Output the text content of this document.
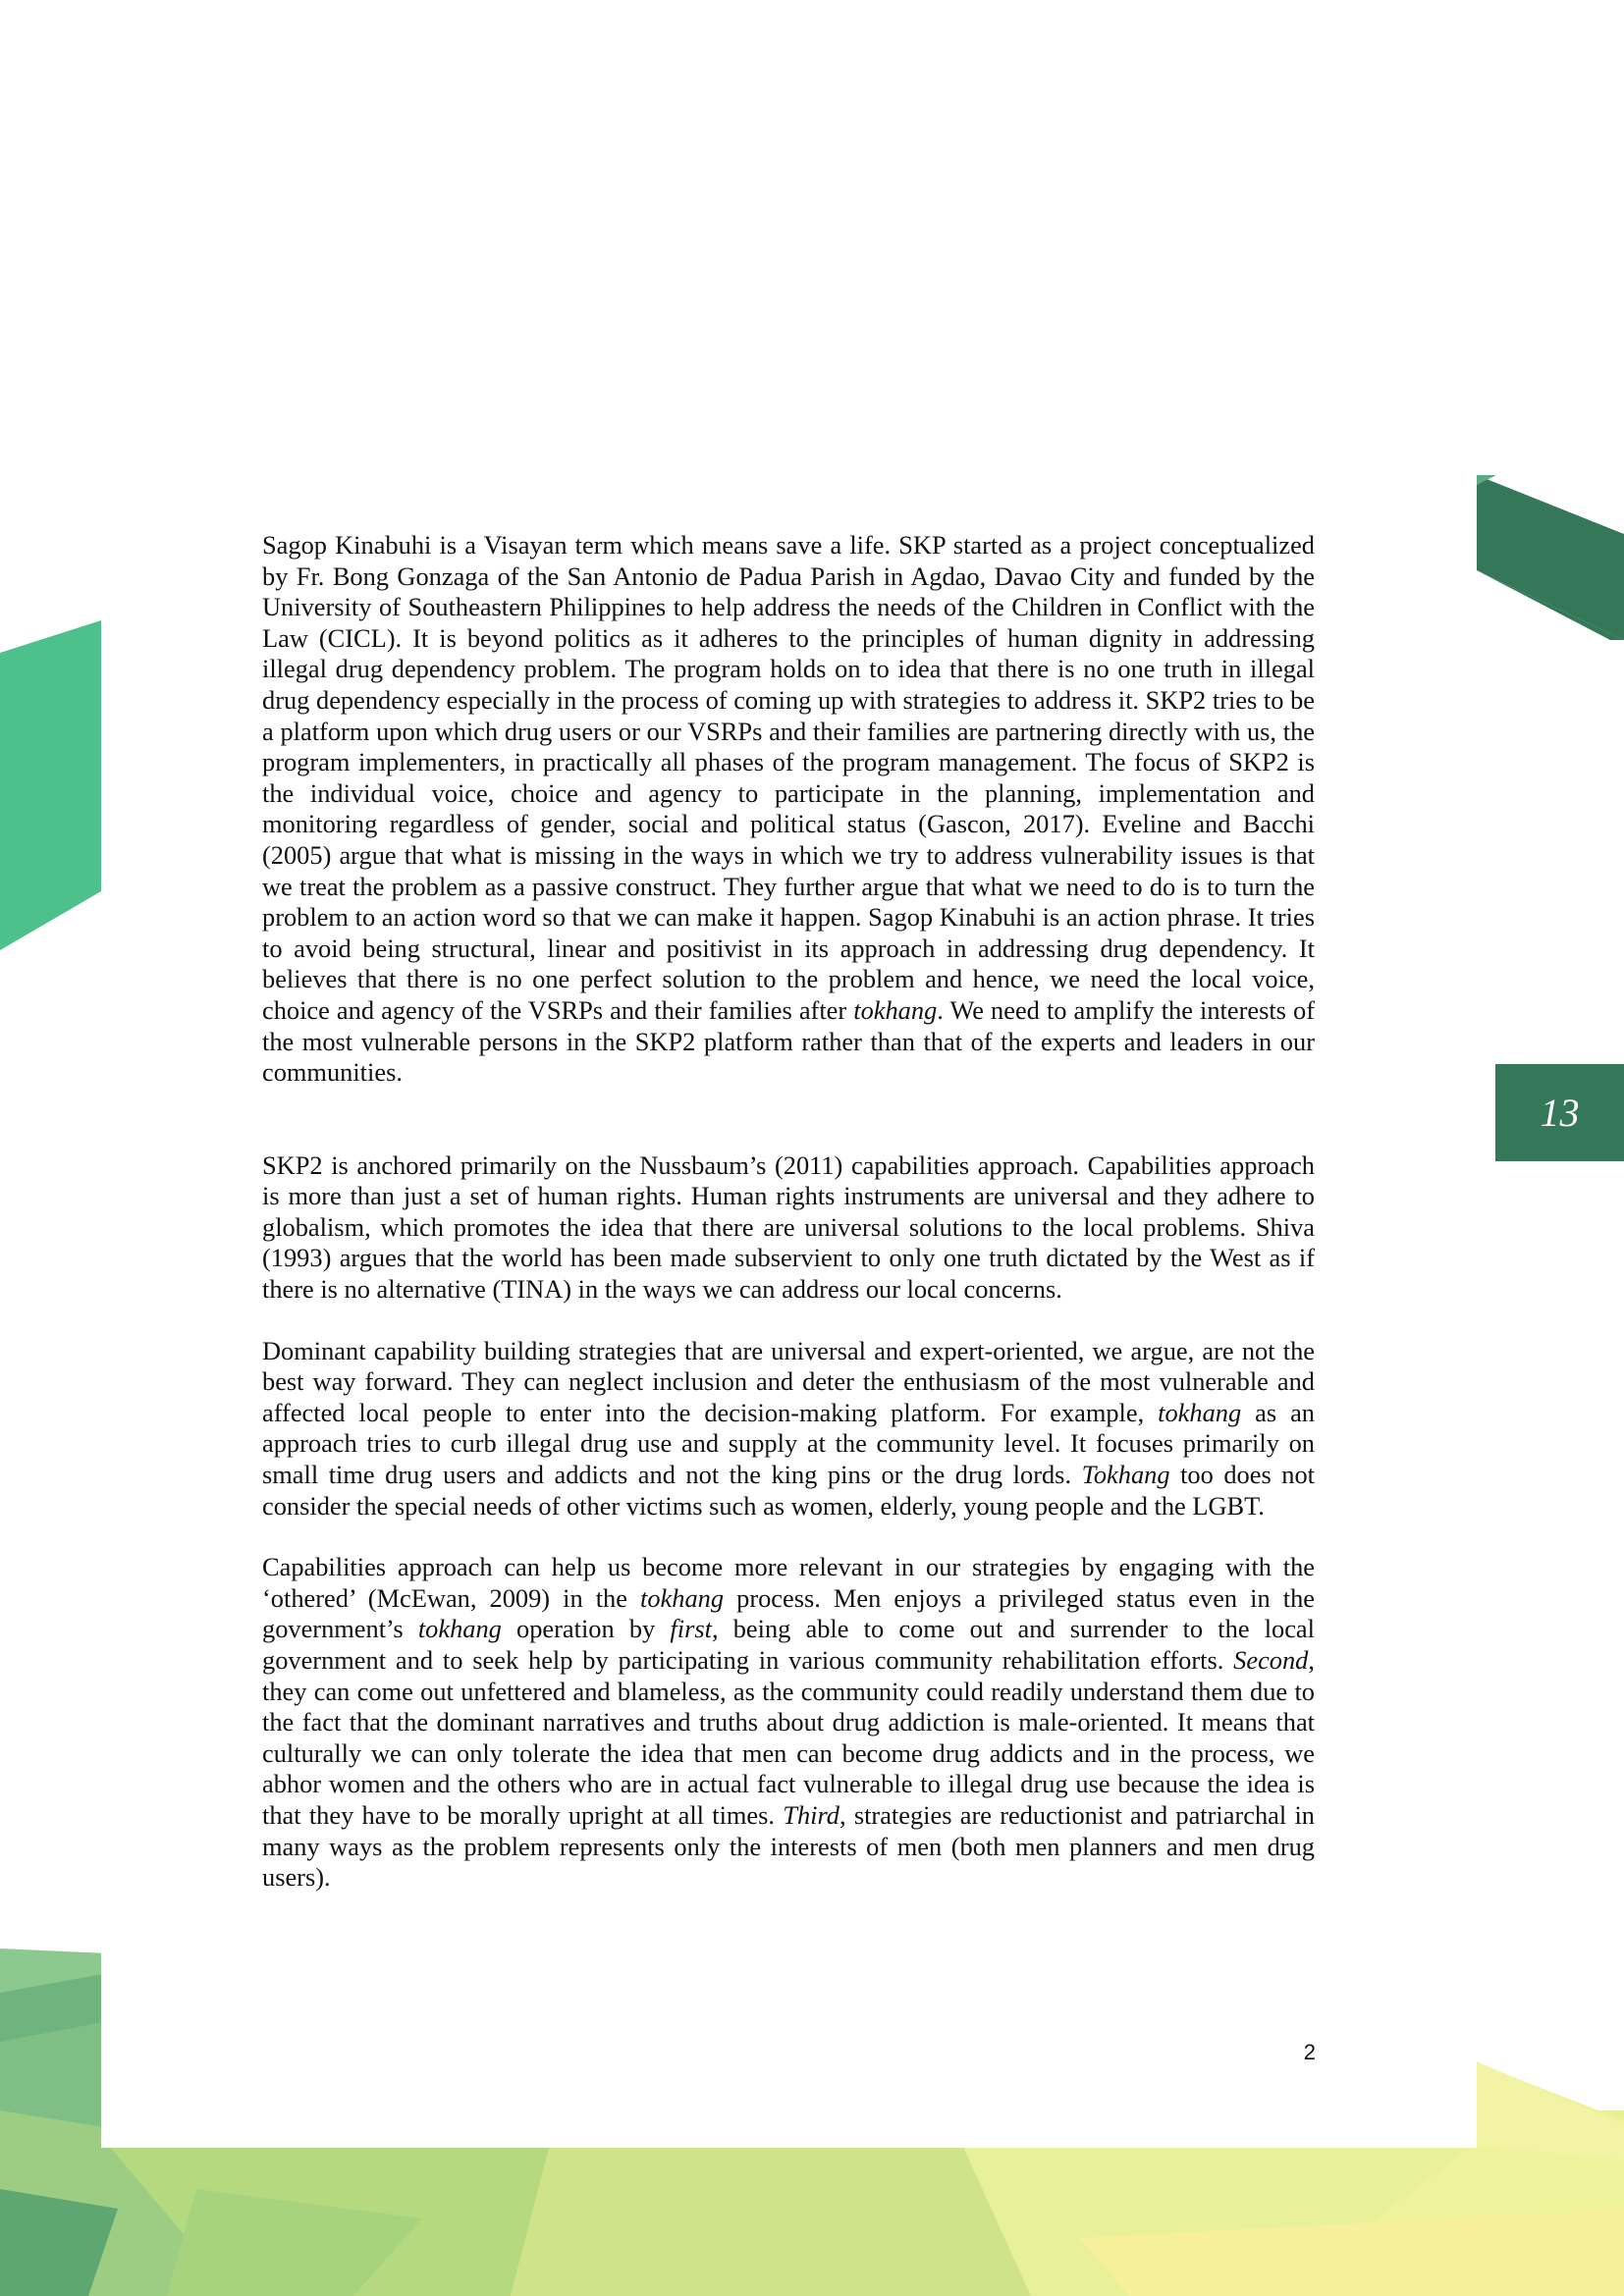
13

Sagop Kinabuhi is a Visayan term which means save a life. SKP started as a project conceptualized by Fr. Bong Gonzaga of the San Antonio de Padua Parish in Agdao, Davao City and funded by the University of Southeastern Philippines to help address the needs of the Children in Conflict with the Law (CICL). It is beyond politics as it adheres to the principles of human dignity in addressing illegal drug dependency problem. The program holds on to idea that there is no one truth in illegal drug dependency especially in the process of coming up with strategies to address it. SKP2 tries to be a platform upon which drug users or our VSRPs and their families are partnering directly with us, the program implementers, in practically all phases of the program management. The focus of SKP2 is the individual voice, choice and agency to participate in the planning, implementation and monitoring regardless of gender, social and political status (Gascon, 2017). Eveline and Bacchi (2005) argue that what is missing in the ways in which we try to address vulnerability issues is that we treat the problem as a passive construct. They further argue that what we need to do is to turn the problem to an action word so that we can make it happen. Sagop Kinabuhi is an action phrase. It tries to avoid being structural, linear and positivist in its approach in addressing drug dependency. It believes that there is no one perfect solution to the problem and hence, we need the local voice, choice and agency of the VSRPs and their families after tokhang. We need to amplify the interests of the most vulnerable persons in the SKP2 platform rather than that of the experts and leaders in our communities.

SKP2 is anchored primarily on the Nussbaum’s (2011) capabilities approach. Capabilities approach is more than just a set of human rights. Human rights instruments are universal and they adhere to globalism, which promotes the idea that there are universal solutions to the local problems. Shiva (1993) argues that the world has been made subservient to only one truth dictated by the West as if there is no alternative (TINA) in the ways we can address our local concerns.

Dominant capability building strategies that are universal and expert-oriented, we argue, are not the best way forward. They can neglect inclusion and deter the enthusiasm of the most vulnerable and affected local people to enter into the decision-making platform. For example, tokhang as an approach tries to curb illegal drug use and supply at the community level. It focuses primarily on small time drug users and addicts and not the king pins or the drug lords. Tokhang too does not consider the special needs of other victims such as women, elderly, young people and the LGBT.

Capabilities approach can help us become more relevant in our strategies by engaging with the ‘othered’ (McEwan, 2009) in the tokhang process. Men enjoys a privileged status even in the government’s tokhang operation by first, being able to come out and surrender to the local government and to seek help by participating in various community rehabilitation efforts. Second, they can come out unfettered and blameless, as the community could readily understand them due to the fact that the dominant narratives and truths about drug addiction is male-oriented. It means that culturally we can only tolerate the idea that men can become drug addicts and in the process, we abhor women and the others who are in actual fact vulnerable to illegal drug use because the idea is that they have to be morally upright at all times. Third, strategies are reductionist and patriarchal in many ways as the problem represents only the interests of men (both men planners and men drug users).

2
